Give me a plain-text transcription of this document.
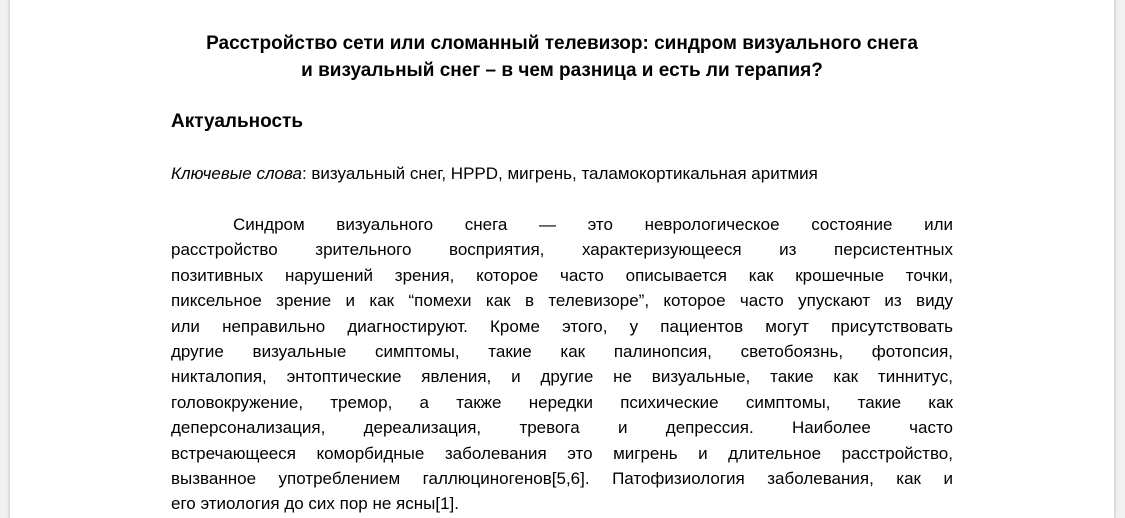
Расстройство сети или сломанный телевизор: синдром визуального снега
и визуальный снег – в чем разница и есть ли терапия?
Актуальность

Ключевые слова: визуальный снег, HPPD, мигрень, таламокортикальная аритмия

Синдром визуального снега — это неврологическое состояние или
расстройство зрительного восприятия, характеризующееся из персистентных
позитивных нарушений зрения, которое часто описывается как крошечные точки,
пиксельное зрение и как “помехи как в телевизоре”, которое часто упускают из виду
или неправильно диагностируют. Кроме этого, у пациентов могут присутствовать
другие визуальные симптомы, такие как палинопсия, светобоязнь, фотопсия,
никталопия, энтоптические явления, и другие не визуальные, такие как тиннитус,
головокружение, тремор, а также нередки психические симптомы, такие как
деперсонализация, дереализация, тревога и депрессия. Наиболее часто
встречающееся коморбидные заболевания это мигрень и длительное расстройство,
вызванное употреблением галлюциногенов[5,6]. Патофизиология заболевания, как и
его этиология до сих пор не ясны[1].
